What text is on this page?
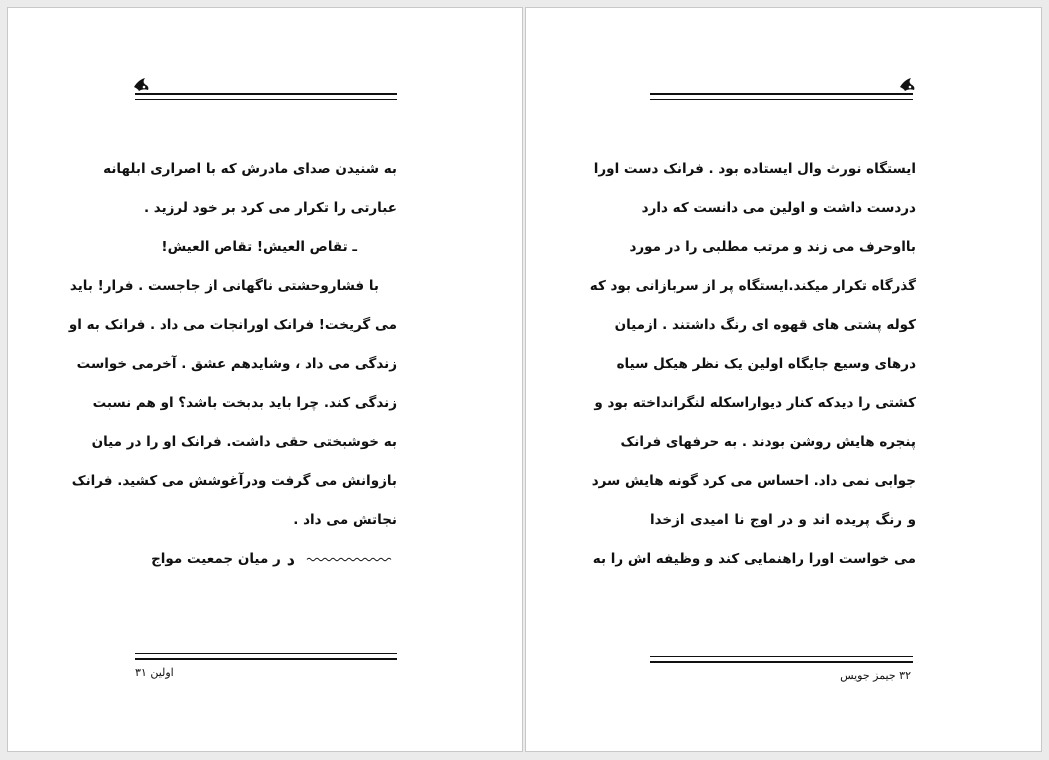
به شنیدن صدای مادرش که با اصراری ابلهانه
عبارتی را تکرار می کرد بر خود لرزید .
ـ تقاص العیش! تقاص العیش!
با فشاروحشتی ناگهانی از جاجست . فرار! باید
می گریخت! فرانک اورانجات می داد . فرانک به او
زندگی می داد ، وشایدهم عشق . آخرمی خواست
زندگی کند. چرا باید بدبخت باشد؟ او هم نسبت
به خوشبختی حقی داشت. فرانک او را در میان
بازوانش می گرفت ودرآغوشش می کشید. فرانک
نجاتش می داد .
د
ر میان جمعیت مواج
اولین ۳۱
ایستگاه نورث وال ایستاده بود . فرانک دست اورا
دردست داشت و اولین می دانست که دارد
بااوحرف می زند و مرتب مطلبی را در مورد
گذرگاه تکرار میکند.ایستگاه پر از سربازانی بود که
کوله پشتی های قهوه ای رنگ داشتند . ازمیان
درهای وسیع جایگاه اولین یک نظر هیکل سیاه
کشتی را دیدکه کنار دیواراسکله لنگرانداخته بود و
پنجره هایش روشن بودند . به حرفهای فرانک
جوابی نمی داد. احساس می کرد گونه هایش سرد
و رنگ پریده اند و در اوج نا امیدی ازخدا
می خواست اورا راهنمایی کند و وظیفه اش را به
۳۲ جیمز جویس
